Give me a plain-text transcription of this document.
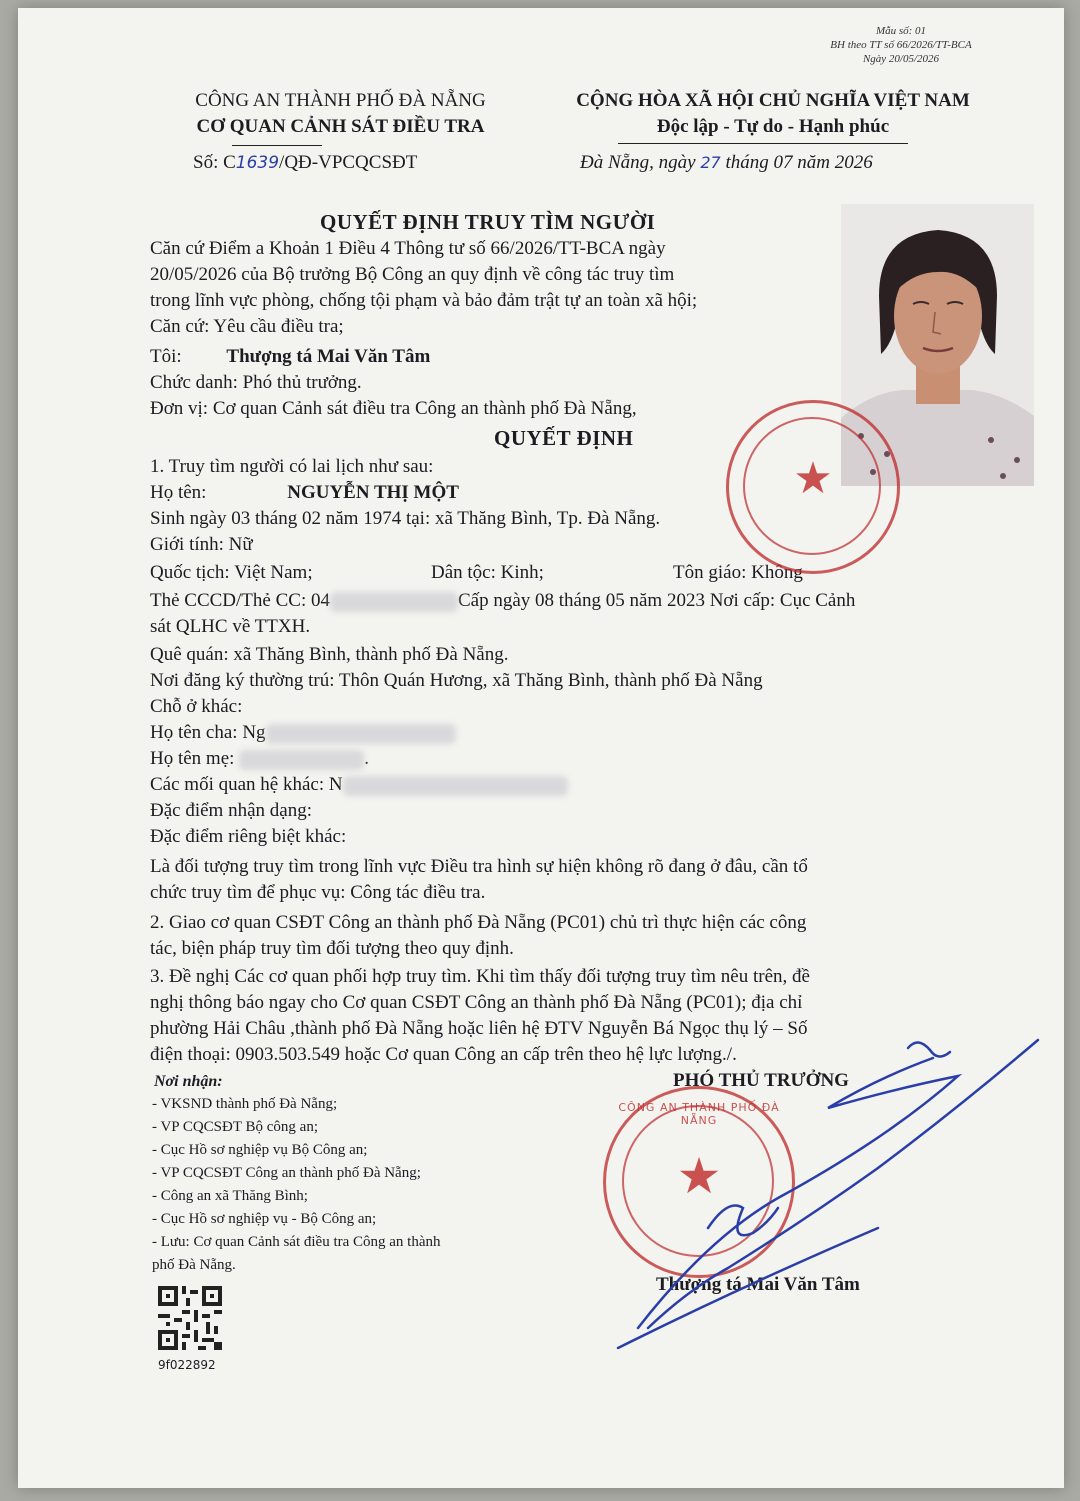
Mẫu số: 01
BH theo TT số 66/2026/TT-BCA
Ngày 20/05/2026
CÔNG AN THÀNH PHỐ ĐÀ NẴNG
CƠ QUAN CẢNH SÁT ĐIỀU TRA
Số: C1639/QĐ-VPCQCSĐT
CỘNG HÒA XÃ HỘI CHỦ NGHĨA VIỆT NAM
Độc lập - Tự do - Hạnh phúc
Đà Nẵng, ngày 27 tháng 07 năm 2026
QUYẾT ĐỊNH TRUY TÌM NGƯỜI
Căn cứ Điểm a Khoản 1 Điều 4 Thông tư số 66/2026/TT-BCA ngày
20/05/2026 của Bộ trưởng Bộ Công an quy định về công tác truy tìm
trong lĩnh vực phòng, chống tội phạm và bảo đảm trật tự an toàn xã hội;
Căn cứ: Yêu cầu điều tra;
Tôi: Thượng tá Mai Văn Tâm
Chức danh: Phó thủ trưởng.
Đơn vị: Cơ quan Cảnh sát điều tra Công an thành phố Đà Nẵng,
QUYẾT ĐỊNH
1. Truy tìm người có lai lịch như sau:
Họ tên:	NGUYỄN THỊ MỘT
Sinh ngày 03 tháng 02 năm 1974 tại: xã Thăng Bình, Tp. Đà Nẵng.
Giới tính: Nữ
Quốc tịch: Việt Nam;	Dân tộc: Kinh;	Tôn giáo: Không
Thẻ CCCD/Thẻ CC: 04	Cấp ngày 08 tháng 05 năm 2023 Nơi cấp: Cục Cảnh
sát QLHC về TTXH.
Quê quán: xã Thăng Bình, thành phố Đà Nẵng.
Nơi đăng ký thường trú: Thôn Quán Hương, xã Thăng Bình, thành phố Đà Nẵng
Chỗ ở khác:
Họ tên cha: Ng
Họ tên mẹ:	.
Các mối quan hệ khác: N
Đặc điểm nhận dạng:
Đặc điểm riêng biệt khác:
Là đối tượng truy tìm trong lĩnh vực Điều tra hình sự hiện không rõ đang ở đâu, cần tổ
chức truy tìm để phục vụ: Công tác điều tra.
2. Giao cơ quan CSĐT Công an thành phố Đà Nẵng (PC01) chủ trì thực hiện các công
tác, biện pháp truy tìm đối tượng theo quy định.
3. Đề nghị Các cơ quan phối hợp truy tìm. Khi tìm thấy đối tượng truy tìm nêu trên, đề
nghị thông báo ngay cho Cơ quan CSĐT Công an thành phố Đà Nẵng (PC01); địa chỉ
phường Hải Châu ,thành phố Đà Nẵng hoặc liên hệ ĐTV Nguyễn Bá Ngọc thụ lý – Số
điện thoại: 0903.503.549 hoặc Cơ quan Công an cấp trên theo hệ lực lượng./.
Nơi nhận:
- VKSND thành phố Đà Nẵng;
- VP CQCSĐT Bộ công an;
- Cục Hồ sơ nghiệp vụ Bộ Công an;
- VP CQCSĐT Công an thành phố Đà Nẵng;
- Công an xã Thăng Bình;
- Cục Hồ sơ nghiệp vụ - Bộ Công an;
- Lưu: Cơ quan Cảnh sát điều tra Công an thành
phố Đà Nẵng.
9f022892
PHÓ THỦ TRƯỞNG
Thượng tá Mai Văn Tâm
★
CÔNG AN THÀNH PHỐ ĐÀ NẴNG
★
